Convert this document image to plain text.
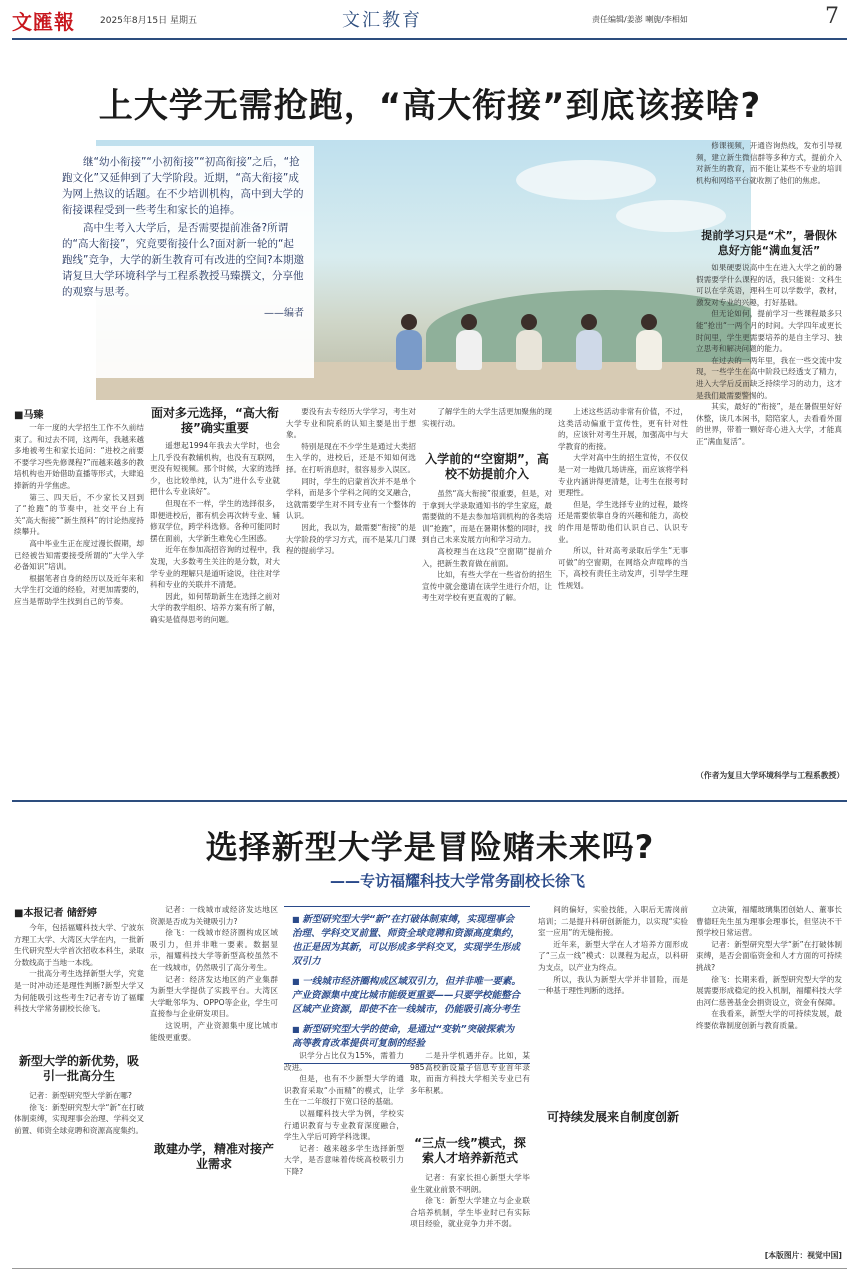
文匯報	2025年8月15日 星期五	文汇教育	责任编辑/姜澎 喇旎/李相如	7
上大学无需抢跑，“高大衔接”到底该接啥?

继“幼小衔接”“小初衔接”“初高衔接”之后，“抢跑文化”又延伸到了大学阶段。近期，“高大衔接”成为网上热议的话题。在不少培训机构，高中到大学的衔接课程受到一些考生和家长的追捧。

高中生考入大学后，是否需要提前准备?所谓的“高大衔接”，究竟要衔接什么?面对新一轮的“起跑线”竞争，大学的新生教育可有改进的空间?本期邀请复旦大学环境科学与工程系教授马臻撰文，分享他的观察与思考。

——编者
■马臻

一年一度的大学招生工作不久前结束了。和过去不同，这两年，我越来越多地被考生和家长追问：“进校之前要不要学习些先修课程?”而越来越多的教培机构也开始借助直播等形式，大肆追捧新的升学焦虑。

第三、四天后，不少家长又回到了“抢跑”的节奏中，社交平台上有关“高大衔接”“新生预科”的讨论热度持续攀升。

高中毕业生正在度过漫长假期，却已经被告知需要接受所谓的“大学入学必备知识”培训。

根据笔者自身的经历以及近年来和大学生打交道的经验，对更加需要的，应当是帮助学生找到自己的节奏。

面对多元选择，“高大衔接”确实重要

遥想起1994年我去大学时，也会上几乎没有教辅机构，也没有互联网，更没有短视频。那个时候，大家的选择少，也比较单纯，认为“进什么专业就把什么专业读好”。

但现在不一样，学生的选择很多，即便进校后，都有机会再次转专业、辅修双学位，跨学科选修。各种可能同时摆在面前，大学新生难免心生困惑。

近年在参加高招咨询的过程中，我发现，大多数考生关注的是分数，对大学专业的理解只是道听途说，往往对学科和专业的关联并不清楚。

因此，如何帮助新生在选择之前对大学的教学组织、培养方案有所了解，确实是值得思考的问题。

要没有去专经历大学学习，考生对大学专业和院系的认知主要是出于想象。

特别是现在不少学生是通过大类招生入学的，进校后，还是不知如何选择。在打听消息时，很容易步入误区。

同时，学生的启蒙首次并不是单个学科，而是多个学科之间的交叉融合，这就需要学生对不同专业有一个整体的认识。

因此，我以为，最需要“衔接”的是大学阶段的学习方式，而不是某几门课程的提前学习。

入学前的“空窗期”，高校不妨提前介入

了解学生的大学生活更加聚焦的现实视行动。

虽然“高大衔接”很重要，但是，对于拿到大学录取通知书的学生家庭，最需要做的不是去参加培训机构的各类培训“抢跑”，而是在暑期休整的同时，找到自己未来发展方向和学习动力。

高校理当在这段“空窗期”提前介入，把新生教育做在前面。

比如，有些大学在一些省份的招生宣传中就会邀请在读学生进行介绍，让考生对学校有更直观的了解。

上述这些活动非常有价值，不过，这类活动偏重于宣传性，更有针对性的，应该针对考生开展，加强高中与大学教育的衔接。

大学对高中生的招生宣传，不仅仅是一对一地做几场讲座，而应该将学科专业内涵讲得更清楚，让考生在报考时更理性。

但是，学生选择专业的过程，最终还是需要依靠自身的兴趣和能力，高校的作用是帮助他们认识自己、认识专业。

所以，针对高考录取后学生“无事可做”的空窗期，在网络众声喧哗的当下，高校有责任主动发声，引导学生理性规划。

修课视频，开通咨询热线，发布引导视频，建立新生微信群等多种方式，提前介入对新生的教育，而不能让某些不专业的培训机构和网络平台就收割了他们的焦虑。

提前学习只是“术”，暑假休息好方能“满血复活”

如果硬要说高中生在进入大学之前的暑假需要学什么课程的话，我只能说：文科生可以在学英语，理科生可以学数学，教材，激发对专业的兴趣，打好基础。

但无论如何，提前学习一些课程最多只能“抢出“一两个月的时间。大学四年或更长时间里，学生更需要培养的是自主学习、独立思考和解决问题的能力。

在过去的一两年里，我在一些交流中发现，一些学生在高中阶段已经透支了精力，进入大学后反而缺乏持续学习的动力，这才是我们最需要警惕的。

其实，最好的“衔接”，是在暑假里好好休整，读几本闲书，陪陪家人，去看看外面的世界，带着一颗好奇心进入大学，才能真正“满血复活”。

（作者为复旦大学环境科学与工程系教授）
选择新型大学是冒险赌未来吗?
——专访福耀科技大学常务副校长徐飞
■本报记者 储舒婷

今年，包括福耀科技大学、宁波东方理工大学、大湾区大学在内，一批新生代研究型大学首次招收本科生，录取分数线高于当地一本线。

一批高分考生选择新型大学，究竟是一时冲动还是理性判断?新型大学又为何能吸引这些考生?记者专访了福耀科技大学常务副校长徐飞。

新型大学的新优势，吸引一批高分生

记者：新型研究型大学新在哪?

徐飞：新型研究型大学“新”在打破体制束缚，实现理事会治理、学科交叉前置、师资全球竞聘和资源高度集约。

记者：一线城市或经济发达地区资源是否成为关键吸引力?

徐飞：一线城市经济圈构成区域吸引力，但并非唯一要素。数据显示，福耀科技大学等新型高校虽然不在一线城市，仍然吸引了高分考生。

记者：经济发达地区的产业集群为新型大学提供了实践平台。大湾区大学毗邻华为、OPPO等企业，学生可直接参与企业研发项目。

这说明，产业资源集中度比城市能级更重要。

敢建办学，精准对接产业需求

■ 新型研究型大学“新”在打破体制束缚，实现理事会治理、学科交叉前置、师资全球竞聘和资源高度集约，也正是因为其新，可以形成多学科交叉，实现学生形成双引力

■ 一线城市经济圈构成区域双引力，但并非唯一要素。产业资源集中度比城市能级更重要——只要学校能整合区域产业资源，即使不在一线城市，仍能吸引高分考生

■ 新型研究型大学的使命，是通过“变轨”突破探索为高等教育改革提供可复制的经验

识学分占比仅为15%，需着力改进。

但是，也有不少新型大学的通识教育采取“小而精”的模式，让学生在一二年级打下宽口径的基础。

以福耀科技大学为例，学校实行通识教育与专业教育深度融合，学生入学后可跨学科选课。

记者：越来越多学生选择新型大学，是否意味着传统高校吸引力下降?

二是升学机遇并存。比如，某985高校新设量子信息专业首年录取，而南方科技大学相关专业已有多年积累。

“三点一线”模式，探索人才培养新范式

记者：有家长担心新型大学毕业生就业前景不明朗。

徐飞：新型大学建立与企业联合培养机制，学生毕业时已有实际项目经验，就业竞争力并不弱。

间的偏好，实验技能，入职后无需岗前培训；二是提升科研创新能力，以实现“实验室一应用”的无缝衔接。

近年来，新型大学在人才培养方面形成了“三点一线”模式：以课程为起点，以科研为支点，以产业为终点。

所以，我认为新型大学并非冒险，而是一种基于理性判断的选择。

可持续发展来自制度创新

立决策，福耀玻璃集团创始人、董事长曹德旺先生虽为理事会理事长，但坚决不干预学校日常运营。

记者：新型研究型大学“新”在打破体制束缚，是否会面临资金和人才方面的可持续挑战?

徐飞：长期来看，新型研究型大学的发展需要形成稳定的投入机制，福耀科技大学由河仁慈善基金会捐资设立，资金有保障。

在我看来，新型大学的可持续发展，最终要依靠制度创新与教育质量。

[本版图片：视觉中国]
